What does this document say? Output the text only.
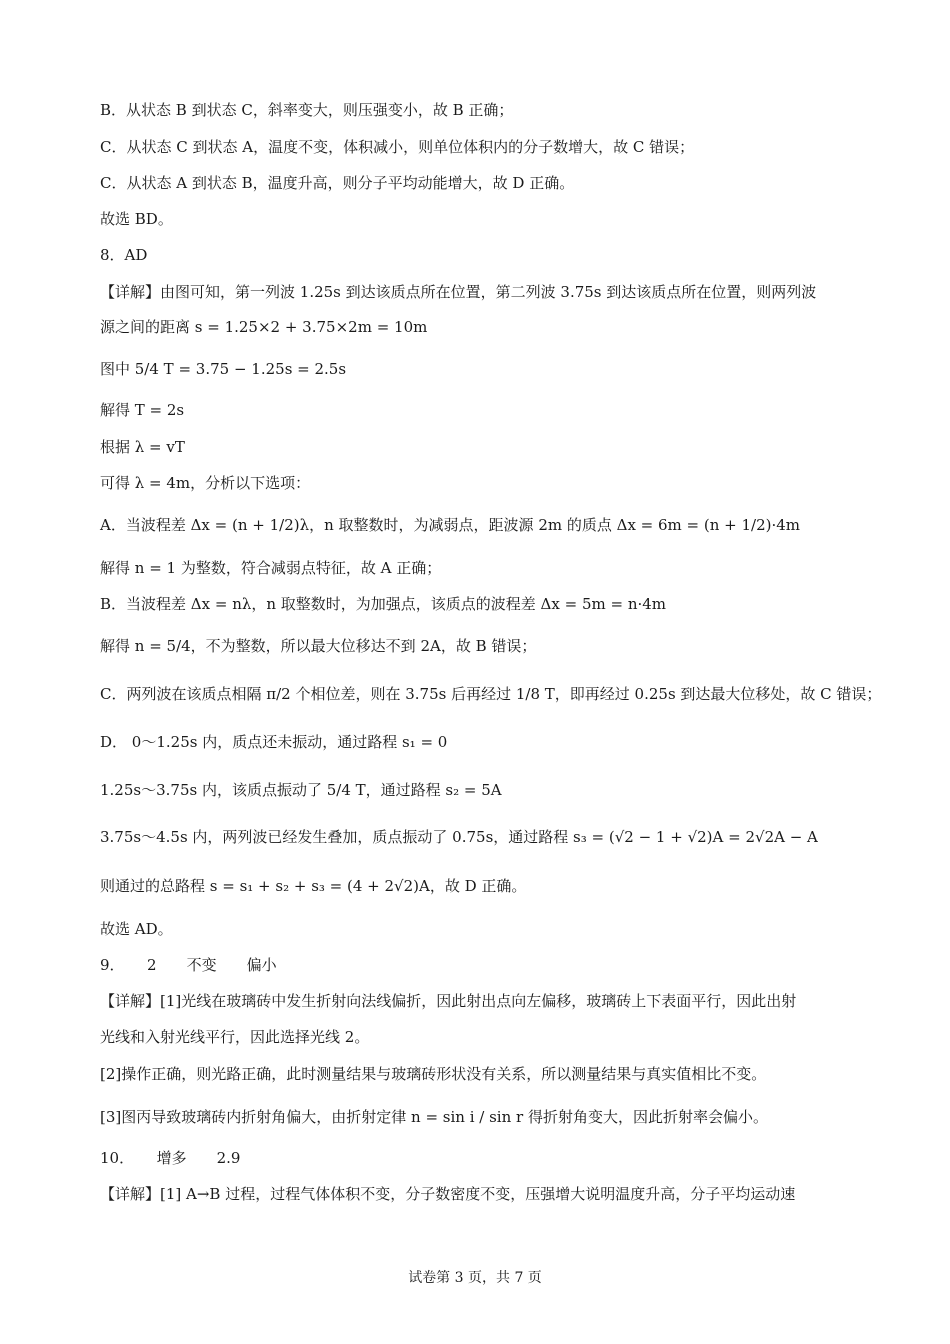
B．从状态 B 到状态 C，斜率变大，则压强变小，故 B 正确；
C．从状态 C 到状态 A，温度不变，体积减小，则单位体积内的分子数增大，故 C 错误；
C．从状态 A 到状态 B，温度升高，则分子平均动能增大，故 D 正确。
故选 BD。
8．AD
【详解】由图可知，第一列波 1.25s 到达该质点所在位置，第二列波 3.75s 到达该质点所在位置，则两列波
源之间的距离 s = 1.25×2 + 3.75×2m = 10m
图中 5/4 T = 3.75 − 1.25s = 2.5s
解得 T = 2s
根据 λ = vT
可得 λ = 4m，分析以下选项：
A．当波程差 Δx = (n + 1/2)λ，n 取整数时，为减弱点，距波源 2m 的质点 Δx = 6m = (n + 1/2)·4m
解得 n = 1 为整数，符合减弱点特征，故 A 正确；
B．当波程差 Δx = nλ，n 取整数时，为加强点，该质点的波程差 Δx = 5m = n·4m
解得 n = 5/4，不为整数，所以最大位移达不到 2A，故 B 错误；
C．两列波在该质点相隔 π/2 个相位差，则在 3.75s 后再经过 1/8 T，即再经过 0.25s 到达最大位移处，故 C 错误；
D． 0～1.25s 内，质点还未振动，通过路程 s₁ = 0
1.25s～3.75s 内，该质点振动了 5/4 T，通过路程 s₂ = 5A
3.75s～4.5s 内，两列波已经发生叠加，质点振动了 0.75s，通过路程 s₃ = (√2 − 1 + √2)A = 2√2A − A
则通过的总路程 s = s₁ + s₂ + s₃ = (4 + 2√2)A，故 D 正确。
故选 AD。
9．　　2　　不变　　偏小
【详解】[1]光线在玻璃砖中发生折射向法线偏折，因此射出点向左偏移，玻璃砖上下表面平行，因此出射
光线和入射光线平行，因此选择光线 2。
[2]操作正确，则光路正确，此时测量结果与玻璃砖形状没有关系，所以测量结果与真实值相比不变。
[3]图丙导致玻璃砖内折射角偏大，由折射定律 n = sin i / sin r 得折射角变大，因此折射率会偏小。
10．　　增多　　2.9
【详解】[1] A→B 过程，过程气体体积不变，分子数密度不变，压强增大说明温度升高，分子平均运动速
试卷第 3 页，共 7 页
